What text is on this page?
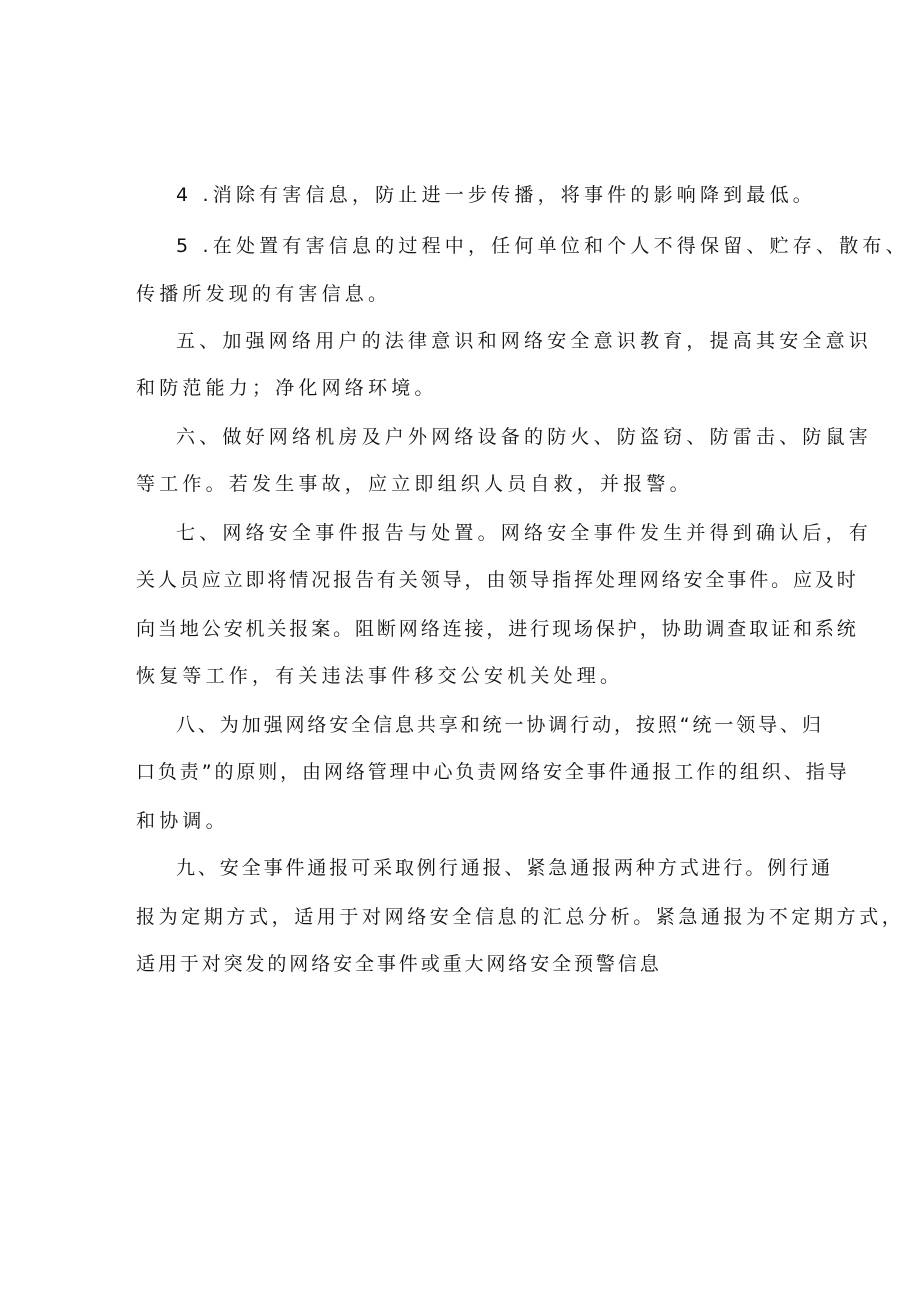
4 .消除有害信息，防止进一步传播，将事件的影响降到最低。
5 .在处置有害信息的过程中，任何单位和个人不得保留、贮存、散布、
传播所发现的有害信息。
五、加强网络用户的法律意识和网络安全意识教育，提高其安全意识
和防范能力；净化网络环境。
六、做好网络机房及户外网络设备的防火、防盗窃、防雷击、防鼠害
等工作。若发生事故，应立即组织人员自救，并报警。
七、网络安全事件报告与处置。网络安全事件发生并得到确认后，有
关人员应立即将情况报告有关领导，由领导指挥处理网络安全事件。应及时
向当地公安机关报案。阻断网络连接，进行现场保护，协助调查取证和系统
恢复等工作，有关违法事件移交公安机关处理。
八、为加强网络安全信息共享和统一协调行动，按照“统一领导、归
口负责”的原则，由网络管理中心负责网络安全事件通报工作的组织、指导
和协调。
九、安全事件通报可采取例行通报、紧急通报两种方式进行。例行通
报为定期方式，适用于对网络安全信息的汇总分析。紧急通报为不定期方式，
适用于对突发的网络安全事件或重大网络安全预警信息
